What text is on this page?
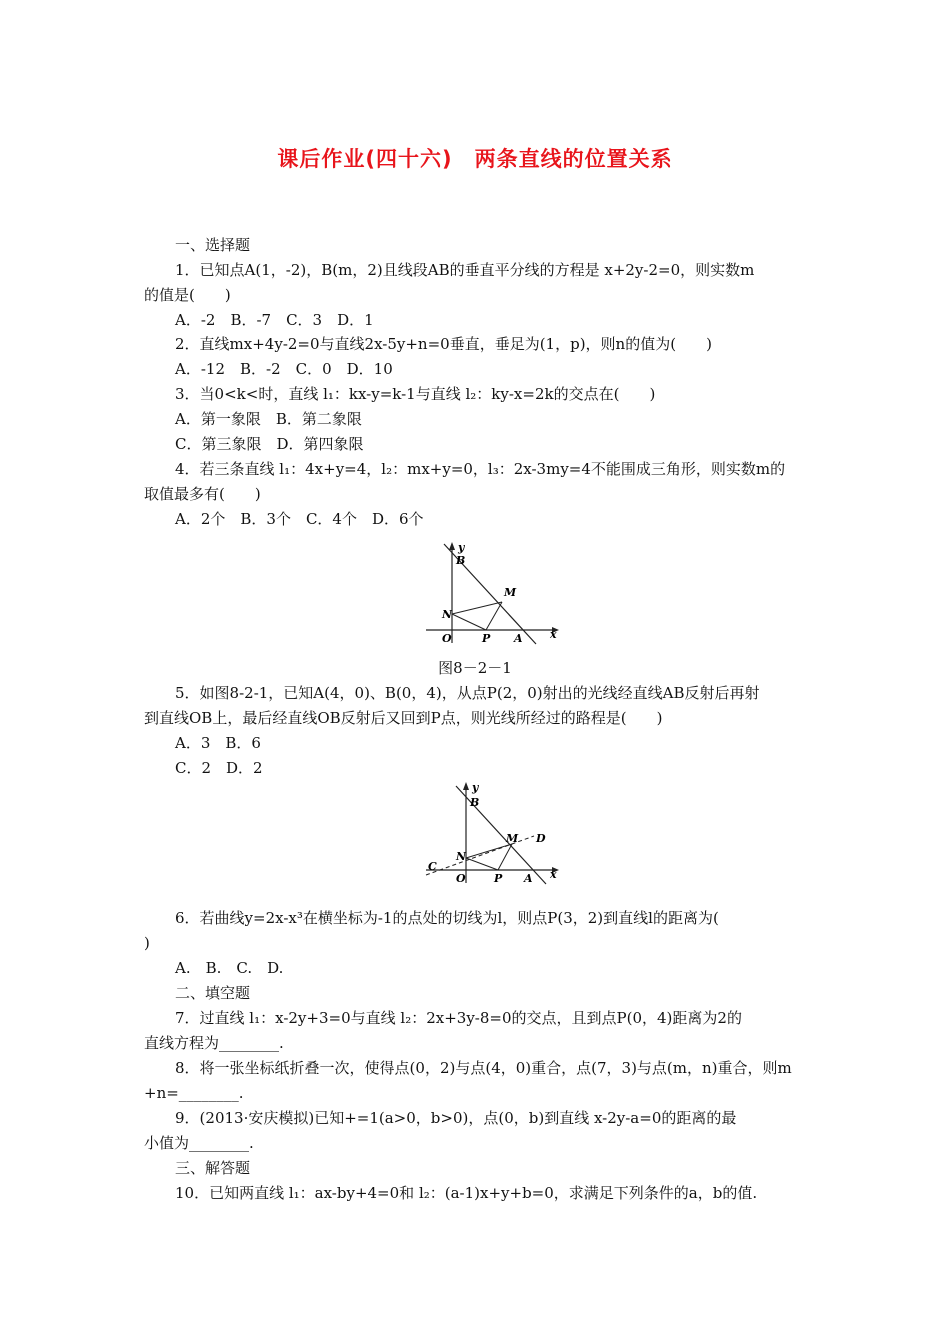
课后作业(四十六)　两条直线的位置关系
一、选择题
1．已知点A(1，-2)，B(m，2)且线段AB的垂直平分线的方程是 x+2y-2=0，则实数m
的值是(　　)
A．-2　B．-7　C．3　D．1
2．直线mx+4y-2=0与直线2x-5y+n=0垂直，垂足为(1，p)，则n的值为(　　)
A．-12　B．-2　C．0　D．10
3．当0<k<时，直线 l₁：kx-y=k-1与直线 l₂：ky-x=2k的交点在(　　)
A．第一象限　B．第二象限
C．第三象限　D．第四象限
4．若三条直线 l₁：4x+y=4，l₂：mx+y=0，l₃：2x-3my=4不能围成三角形，则实数m的
取值最多有(　　)
A．2个　B．3个　C．4个　D．6个
y
B
M
N
O	P A x
图8－2－1
5．如图8-2-1，已知A(4，0)、B(0，4)，从点P(2，0)射出的光线经直线AB反射后再射
到直线OB上，最后经直线OB反射后又回到P点，则光线所经过的路程是(　　)
A．3　B．6
C．2　D．2
y
B
M D
N
C
O	P A x
6．若曲线y=2x-x³在横坐标为-1的点处的切线为l，则点P(3，2)到直线l的距离为(
)
A.　B.　C.　D.
二、填空题
7．过直线 l₁：x-2y+3=0与直线 l₂：2x+3y-8=0的交点，且到点P(0，4)距离为2的
直线方程为________.
8．将一张坐标纸折叠一次，使得点(0，2)与点(4，0)重合，点(7，3)与点(m，n)重合，则m
+n=________.
9．(2013·安庆模拟)已知+=1(a>0，b>0)，点(0，b)到直线 x-2y-a=0的距离的最
小值为________.
三、解答题
10．已知两直线 l₁：ax-by+4=0和 l₂：(a-1)x+y+b=0，求满足下列条件的a，b的值.
